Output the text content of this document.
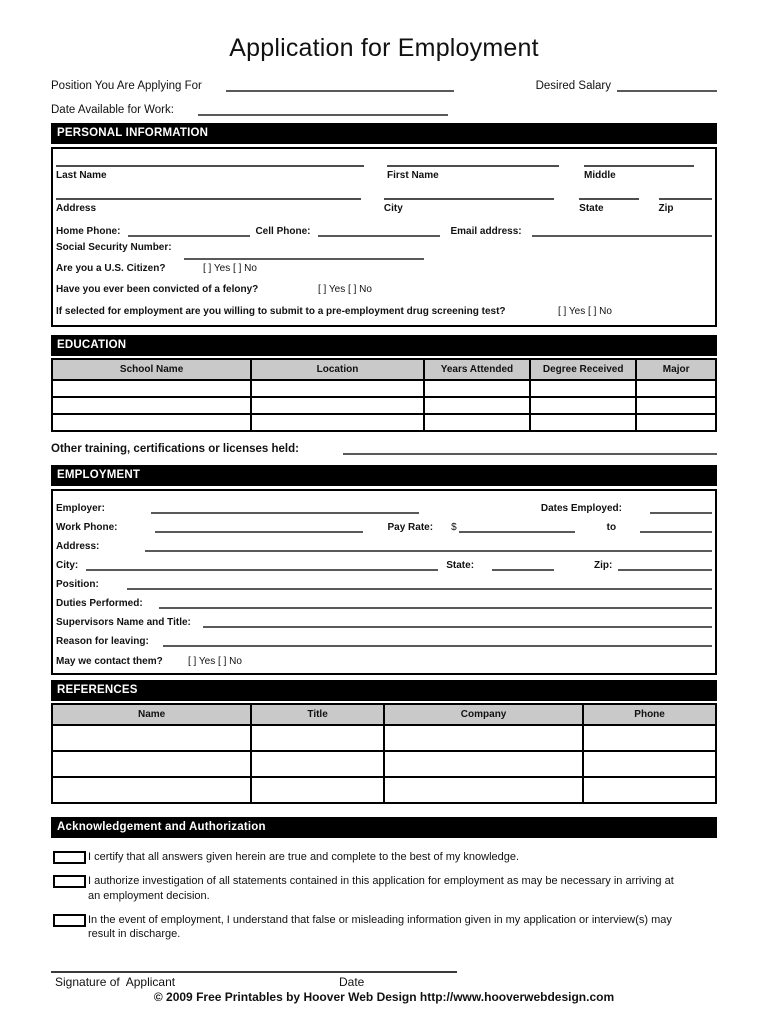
Application for Employment
Position You Are Applying For	Desired Salary
Date Available for Work:
PERSONAL INFORMATION
Last Name	First Name	Middle
Address	City	State	Zip
Home Phone:	Cell Phone:	Email address:
Social Security Number:
Are you a U.S. Citizen?	[ ] Yes [ ] No
Have you ever been convicted of a felony?	[ ] Yes [ ] No
If selected for employment are you willing to submit to a pre-employment drug screening test?	[ ] Yes [ ] No
EDUCATION
School Name	Location	Years Attended	Degree Received	Major

Other training, certifications or licenses held:
EMPLOYMENT
Employer:	Dates Employed:
Work Phone:	Pay Rate: $	to
Address:
City:	State:	Zip:
Position:
Duties Performed:
Supervisors Name and Title:
Reason for leaving:
May we contact them?	[ ] Yes [ ] No
REFERENCES
Name	Title	Company	Phone

Acknowledgement and Authorization
I certify that all answers given herein are true and complete to the best of my knowledge.
I authorize investigation of all statements contained in this application for employment as may be necessary in arriving at an employment decision.
In the event of employment, I understand that false or misleading information given in my application or interview(s) may result in discharge.
Signature of  Applicant	Date
© 2009 Free Printables by Hoover Web Design http://www.hooverwebdesign.com
